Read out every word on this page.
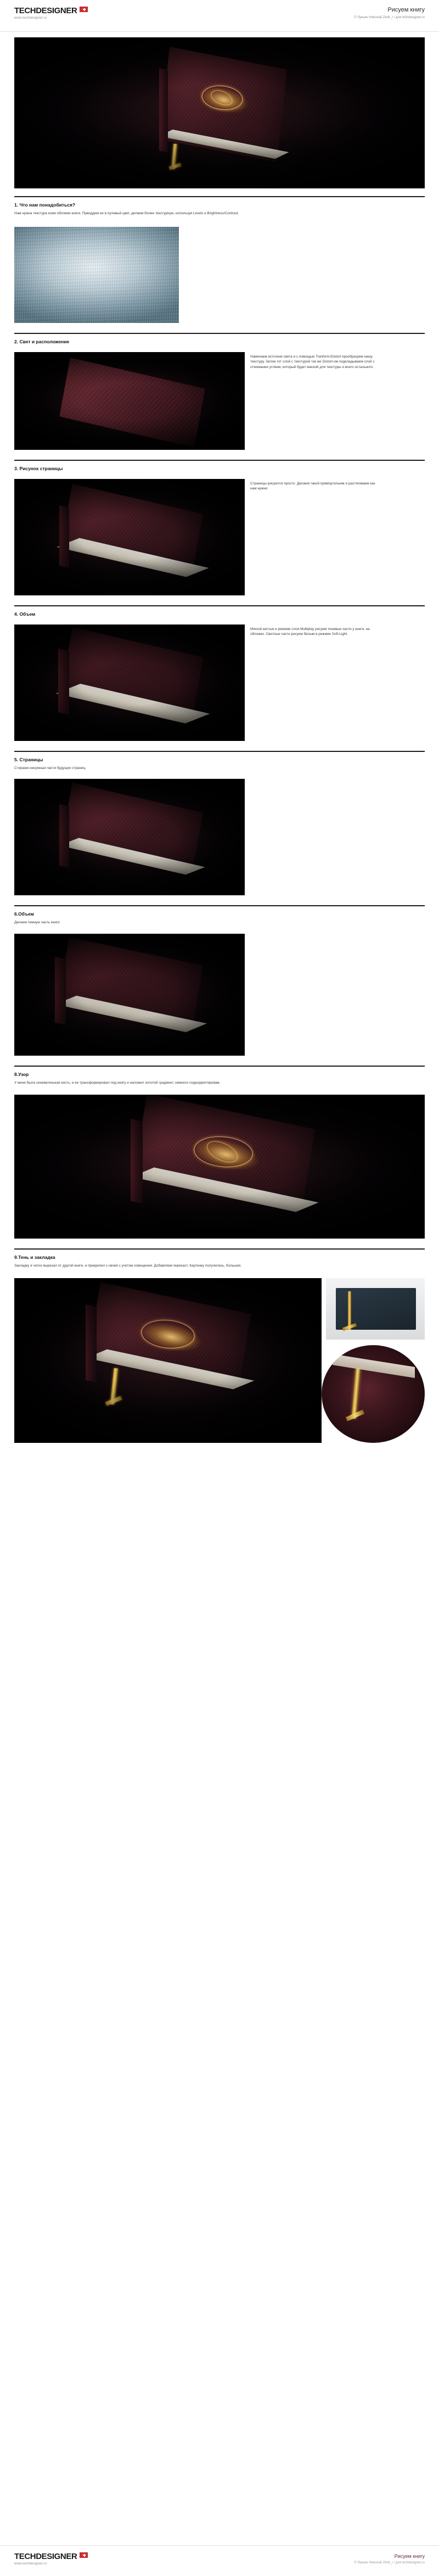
TECHDESIGNER
www.techdesigner.ru
Рисуем книгу
© Лукьян Николай Zenk_/ / для techdesigner.ru
1. Что нам понадобиться?
Нам нужна текстура кожи обложки книги. Прводдим ее в пулевый цвет, делаем более текстурную, используя Levels и Brightness/Contrast.
2. Свет и расположение
Намечаем источник света и с помощью Tranform›Distort преобразуем нашу текстуру. Затем тот слой с текстурой так же Distort-ом подкладываем слой с отжимание угляем, который будет маской для текстуры и всего остального.
3. Рисунок страницы
Страницы рисуются просто. Делаем такой прямоугольник и растягиваем как нам нужно
4. Объем
Мягкой кистью и режиме слоя Multiplay рисуем теневые части у книги, на обложке. Светлые части рисуем белым в режиме Soft-Light.
5. Страницы
Стираем ненужные части будущих страниц.
6.Объем
Делаем темную часть книги
8.Узор
У меня была синеватенькая кисть, и ее трансформировал под книгу и наложил золотой градиент, немного подкорректировав.
9.Тень и закладка
Закладку я четно вырезал от другой книги, и прикрепил к своей с учетом освещения. Добавляем перекаст. Картинку получилась, большая.
TECHDESIGNER
www.techdesigner.ru
Рисуем книгу
© Лукьян Николай Zenk_/ / для techdesigner.ru
